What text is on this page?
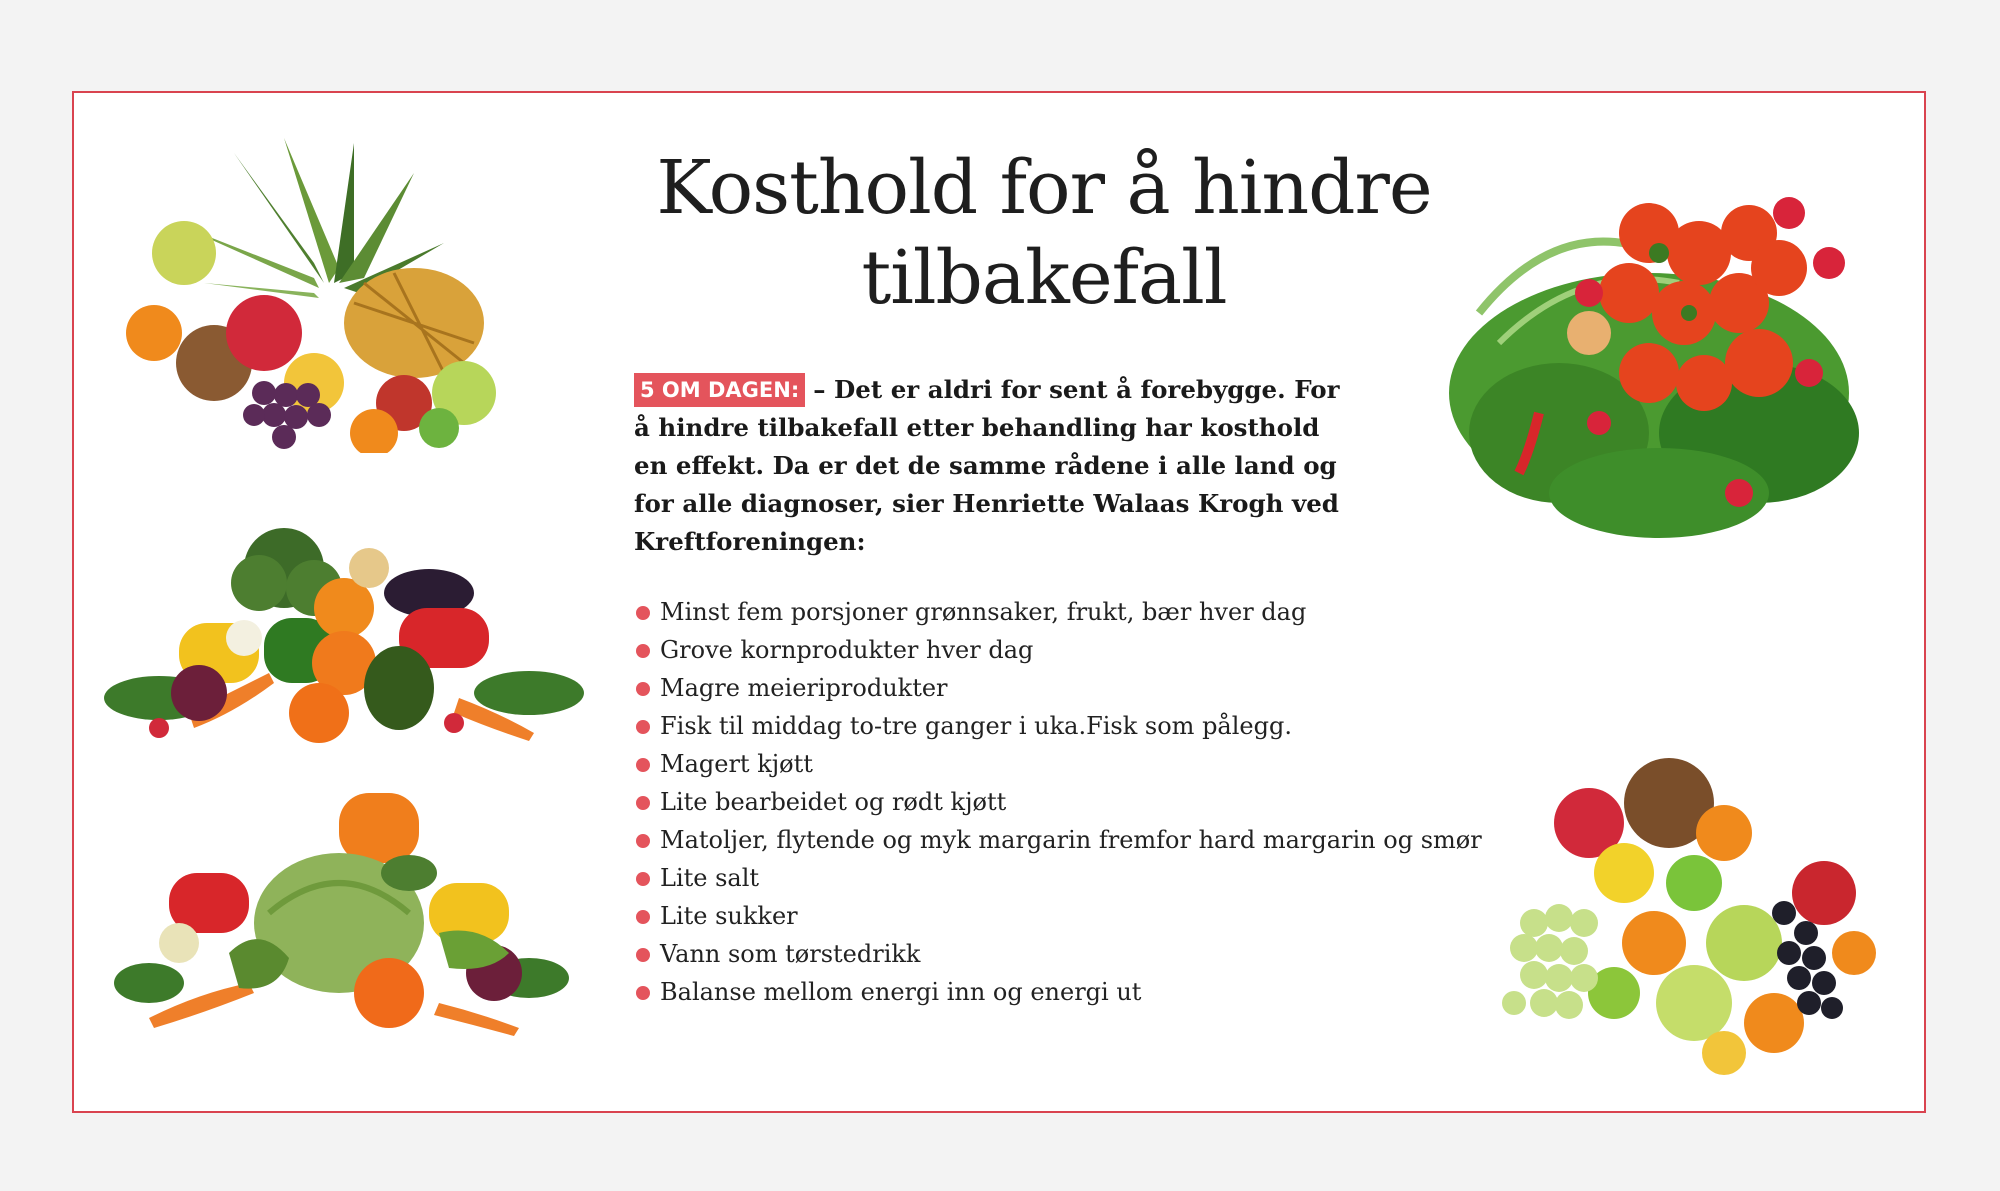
Kosthold for å hindre
tilbakefall
5 OM DAGEN: – Det er aldri for sent å forebygge. For å hindre tilbakefall etter behandling har kosthold en effekt. Da er det de samme rådene i alle land og for alle diagnoser, sier Henriette Walaas Krogh ved Kreftforeningen:
Minst fem porsjoner grønnsaker, frukt, bær hver dag
Grove kornprodukter hver dag
Magre meieriprodukter
Fisk til middag to-tre ganger i uka.Fisk som pålegg.
Magert kjøtt
Lite bearbeidet og rødt kjøtt
Matoljer, flytende og myk margarin fremfor hard margarin og smør
Lite salt
Lite sukker
Vann som tørstedrikk
Balanse mellom energi inn og energi ut
